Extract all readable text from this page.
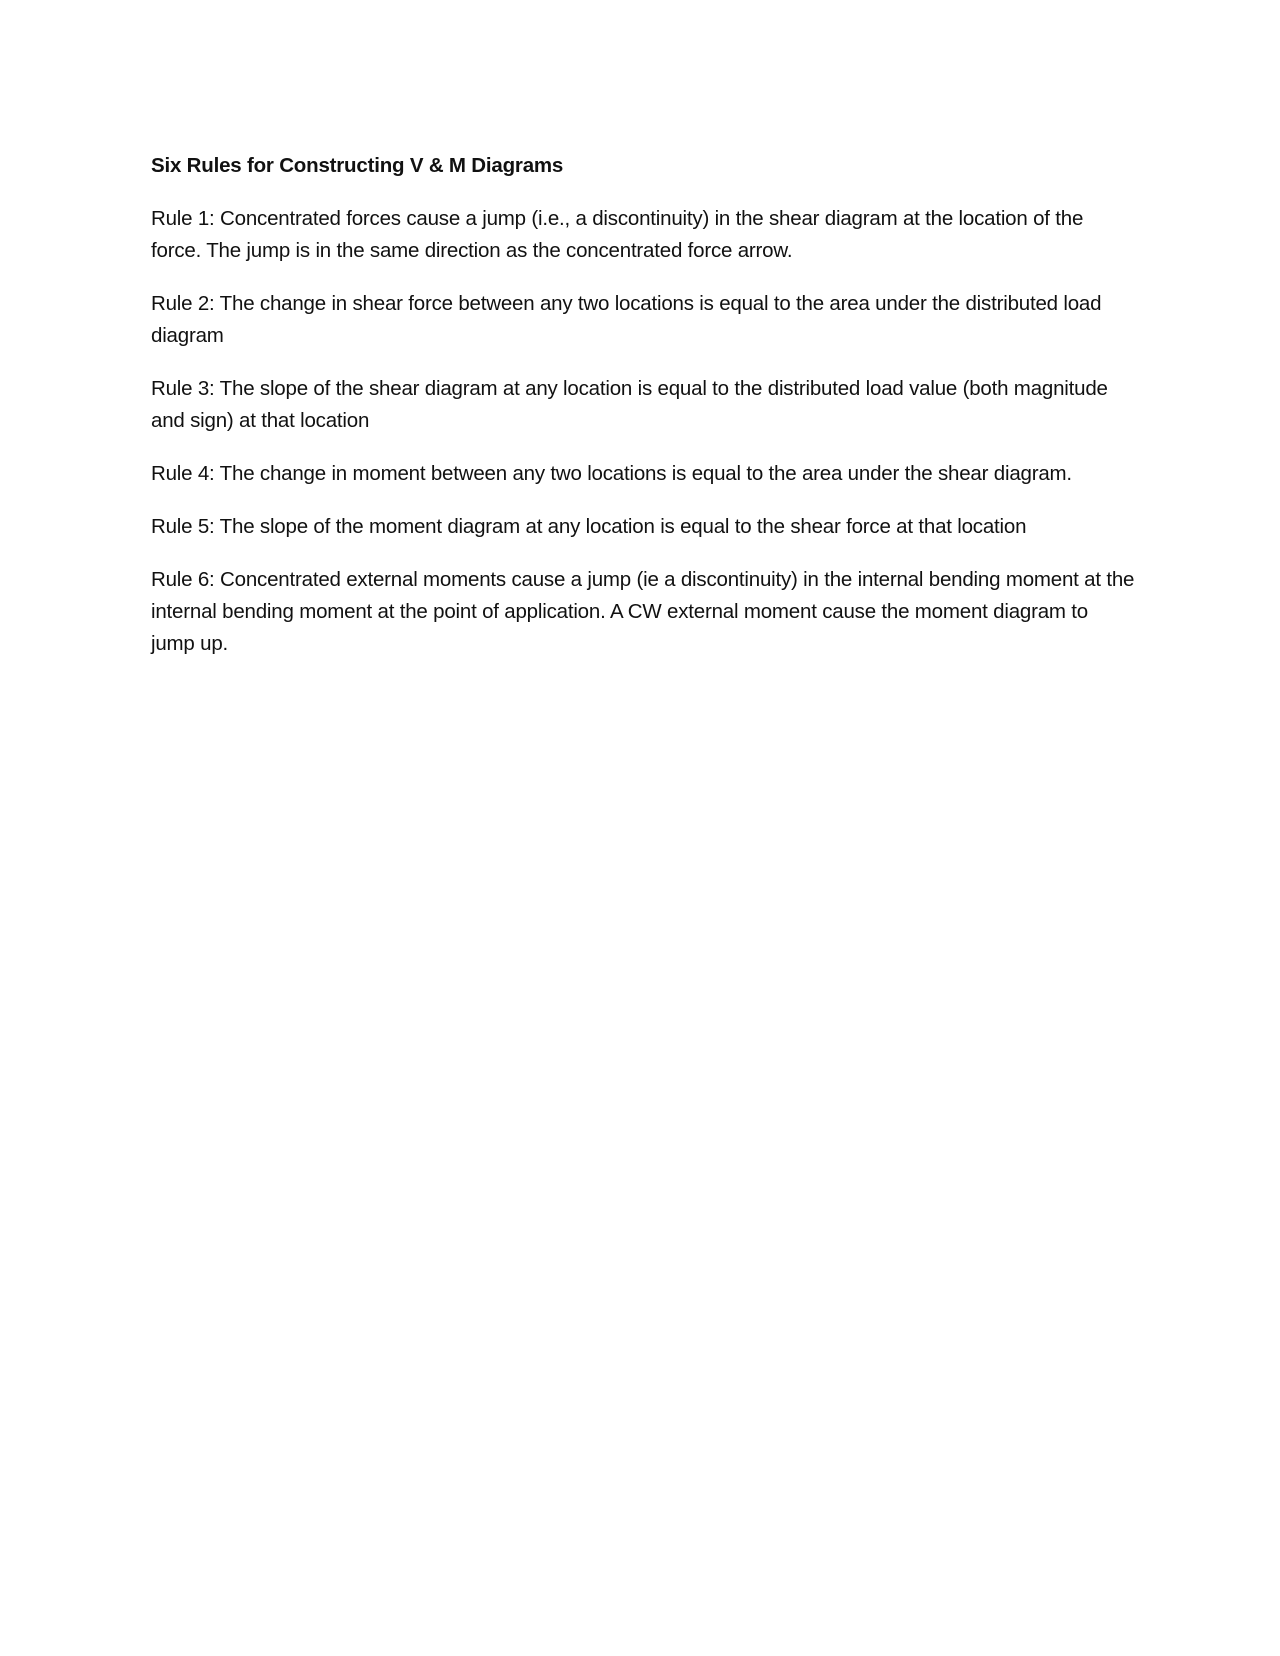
Six Rules for Constructing V & M Diagrams

Rule 1: Concentrated forces cause a jump (i.e., a discontinuity) in the shear diagram at the location of the force. The jump is in the same direction as the concentrated force arrow.

Rule 2: The change in shear force between any two locations is equal to the area under the distributed load diagram

Rule 3: The slope of the shear diagram at any location is equal to the distributed load value (both magnitude and sign) at that location

Rule 4: The change in moment between any two locations is equal to the area under the shear diagram.

Rule 5: The slope of the moment diagram at any location is equal to the shear force at that location

Rule 6: Concentrated external moments cause a jump (ie a discontinuity) in the internal bending moment at the internal bending moment at the point of application. A CW external moment cause the moment diagram to jump up.
